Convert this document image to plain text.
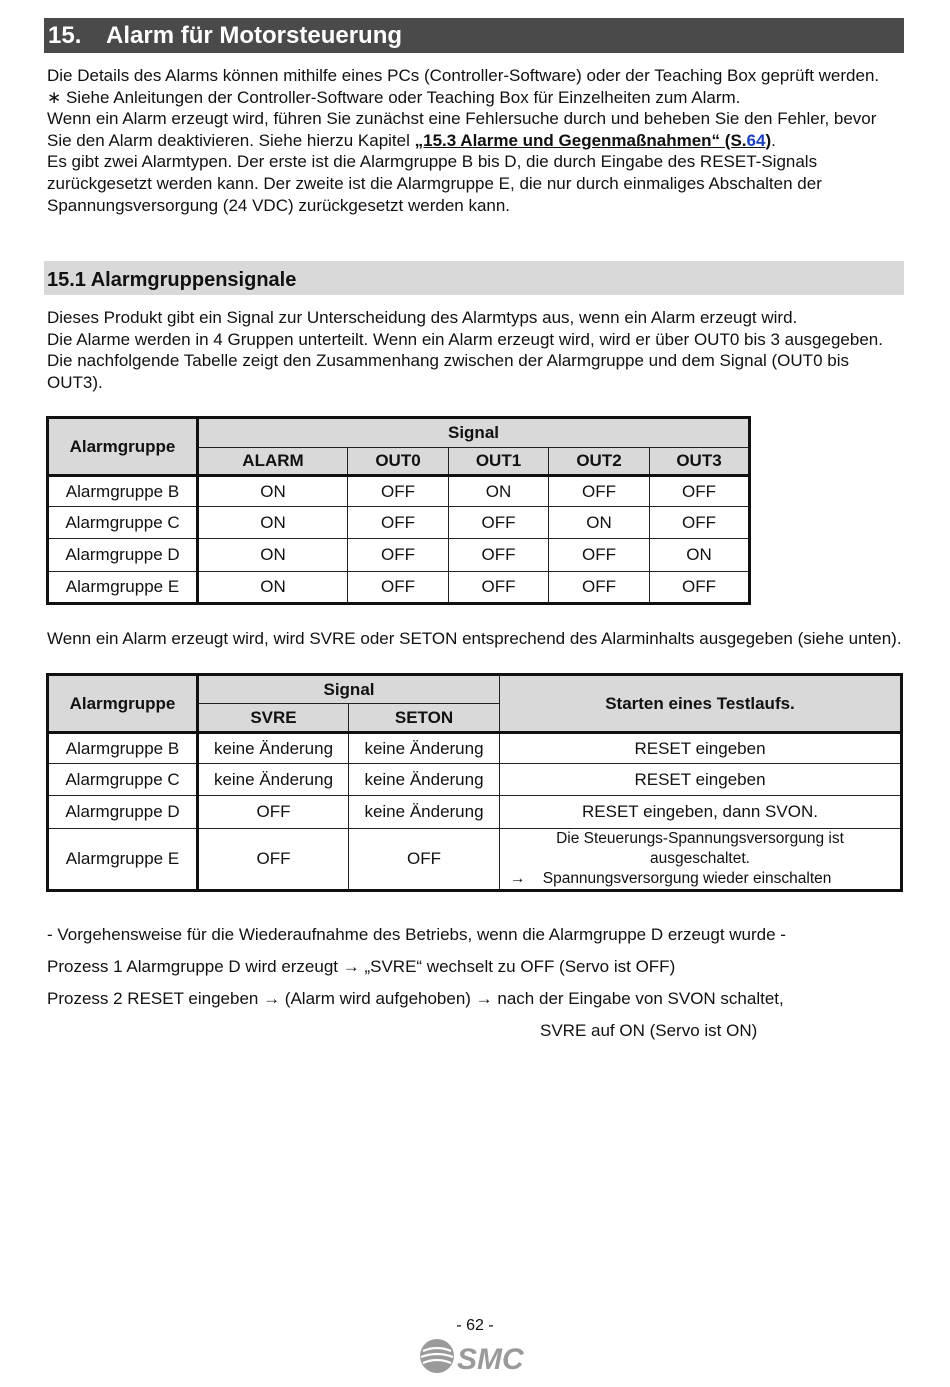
15. Alarm für Motorsteuerung

Die Details des Alarms können mithilfe eines PCs (Controller-Software) oder der Teaching Box geprüft werden.

∗ Siehe Anleitungen der Controller-Software oder Teaching Box für Einzelheiten zum Alarm.

Wenn ein Alarm erzeugt wird, führen Sie zunächst eine Fehlersuche durch und beheben Sie den Fehler, bevor Sie den Alarm deaktivieren. Siehe hierzu Kapitel „15.3 Alarme und Gegenmaßnahmen“ (S.64).

Es gibt zwei Alarmtypen. Der erste ist die Alarmgruppe B bis D, die durch Eingabe des RESET-Signals zurückgesetzt werden kann. Der zweite ist die Alarmgruppe E, die nur durch einmaliges Abschalten der Spannungsversorgung (24 VDC) zurückgesetzt werden kann.

15.1 Alarmgruppensignale

Dieses Produkt gibt ein Signal zur Unterscheidung des Alarmtyps aus, wenn ein Alarm erzeugt wird.

Die Alarme werden in 4 Gruppen unterteilt. Wenn ein Alarm erzeugt wird, wird er über OUT0 bis 3 ausgegeben.

Die nachfolgende Tabelle zeigt den Zusammenhang zwischen der Alarmgruppe und dem Signal (OUT0 bis OUT3).

Alarmgruppe	Signal				
	ALARM	OUT0	OUT1	OUT2	OUT3
Alarmgruppe B	ON	OFF	ON	OFF	OFF
Alarmgruppe C	ON	OFF	OFF	ON	OFF
Alarmgruppe D	ON	OFF	OFF	OFF	ON
Alarmgruppe E	ON	OFF	OFF	OFF	OFF

Wenn ein Alarm erzeugt wird, wird SVRE oder SETON entsprechend des Alarminhalts ausgegeben (siehe unten).

Alarmgruppe	Signal		Starten eines Testlaufs.
	SVRE	SETON	
Alarmgruppe B	keine Änderung	keine Änderung	RESET eingeben
Alarmgruppe C	keine Änderung	keine Änderung	RESET eingeben
Alarmgruppe D	OFF	keine Änderung	RESET eingeben, dann SVON.
Alarmgruppe E	OFF	OFF	Die Steuerungs-Spannungsversorgung ist
ausgeschaltet.
→ Spannungsversorgung wieder einschalten
- Vorgehensweise für die Wiederaufnahme des Betriebs, wenn die Alarmgruppe D erzeugt wurde -
Prozess 1 Alarmgruppe D wird erzeugt → „SVRE“ wechselt zu OFF (Servo ist OFF)
Prozess 2 RESET eingeben → (Alarm wird aufgehoben) → nach der Eingabe von SVON schaltet,
SVRE auf ON (Servo ist ON)
- 62 -
SMC
